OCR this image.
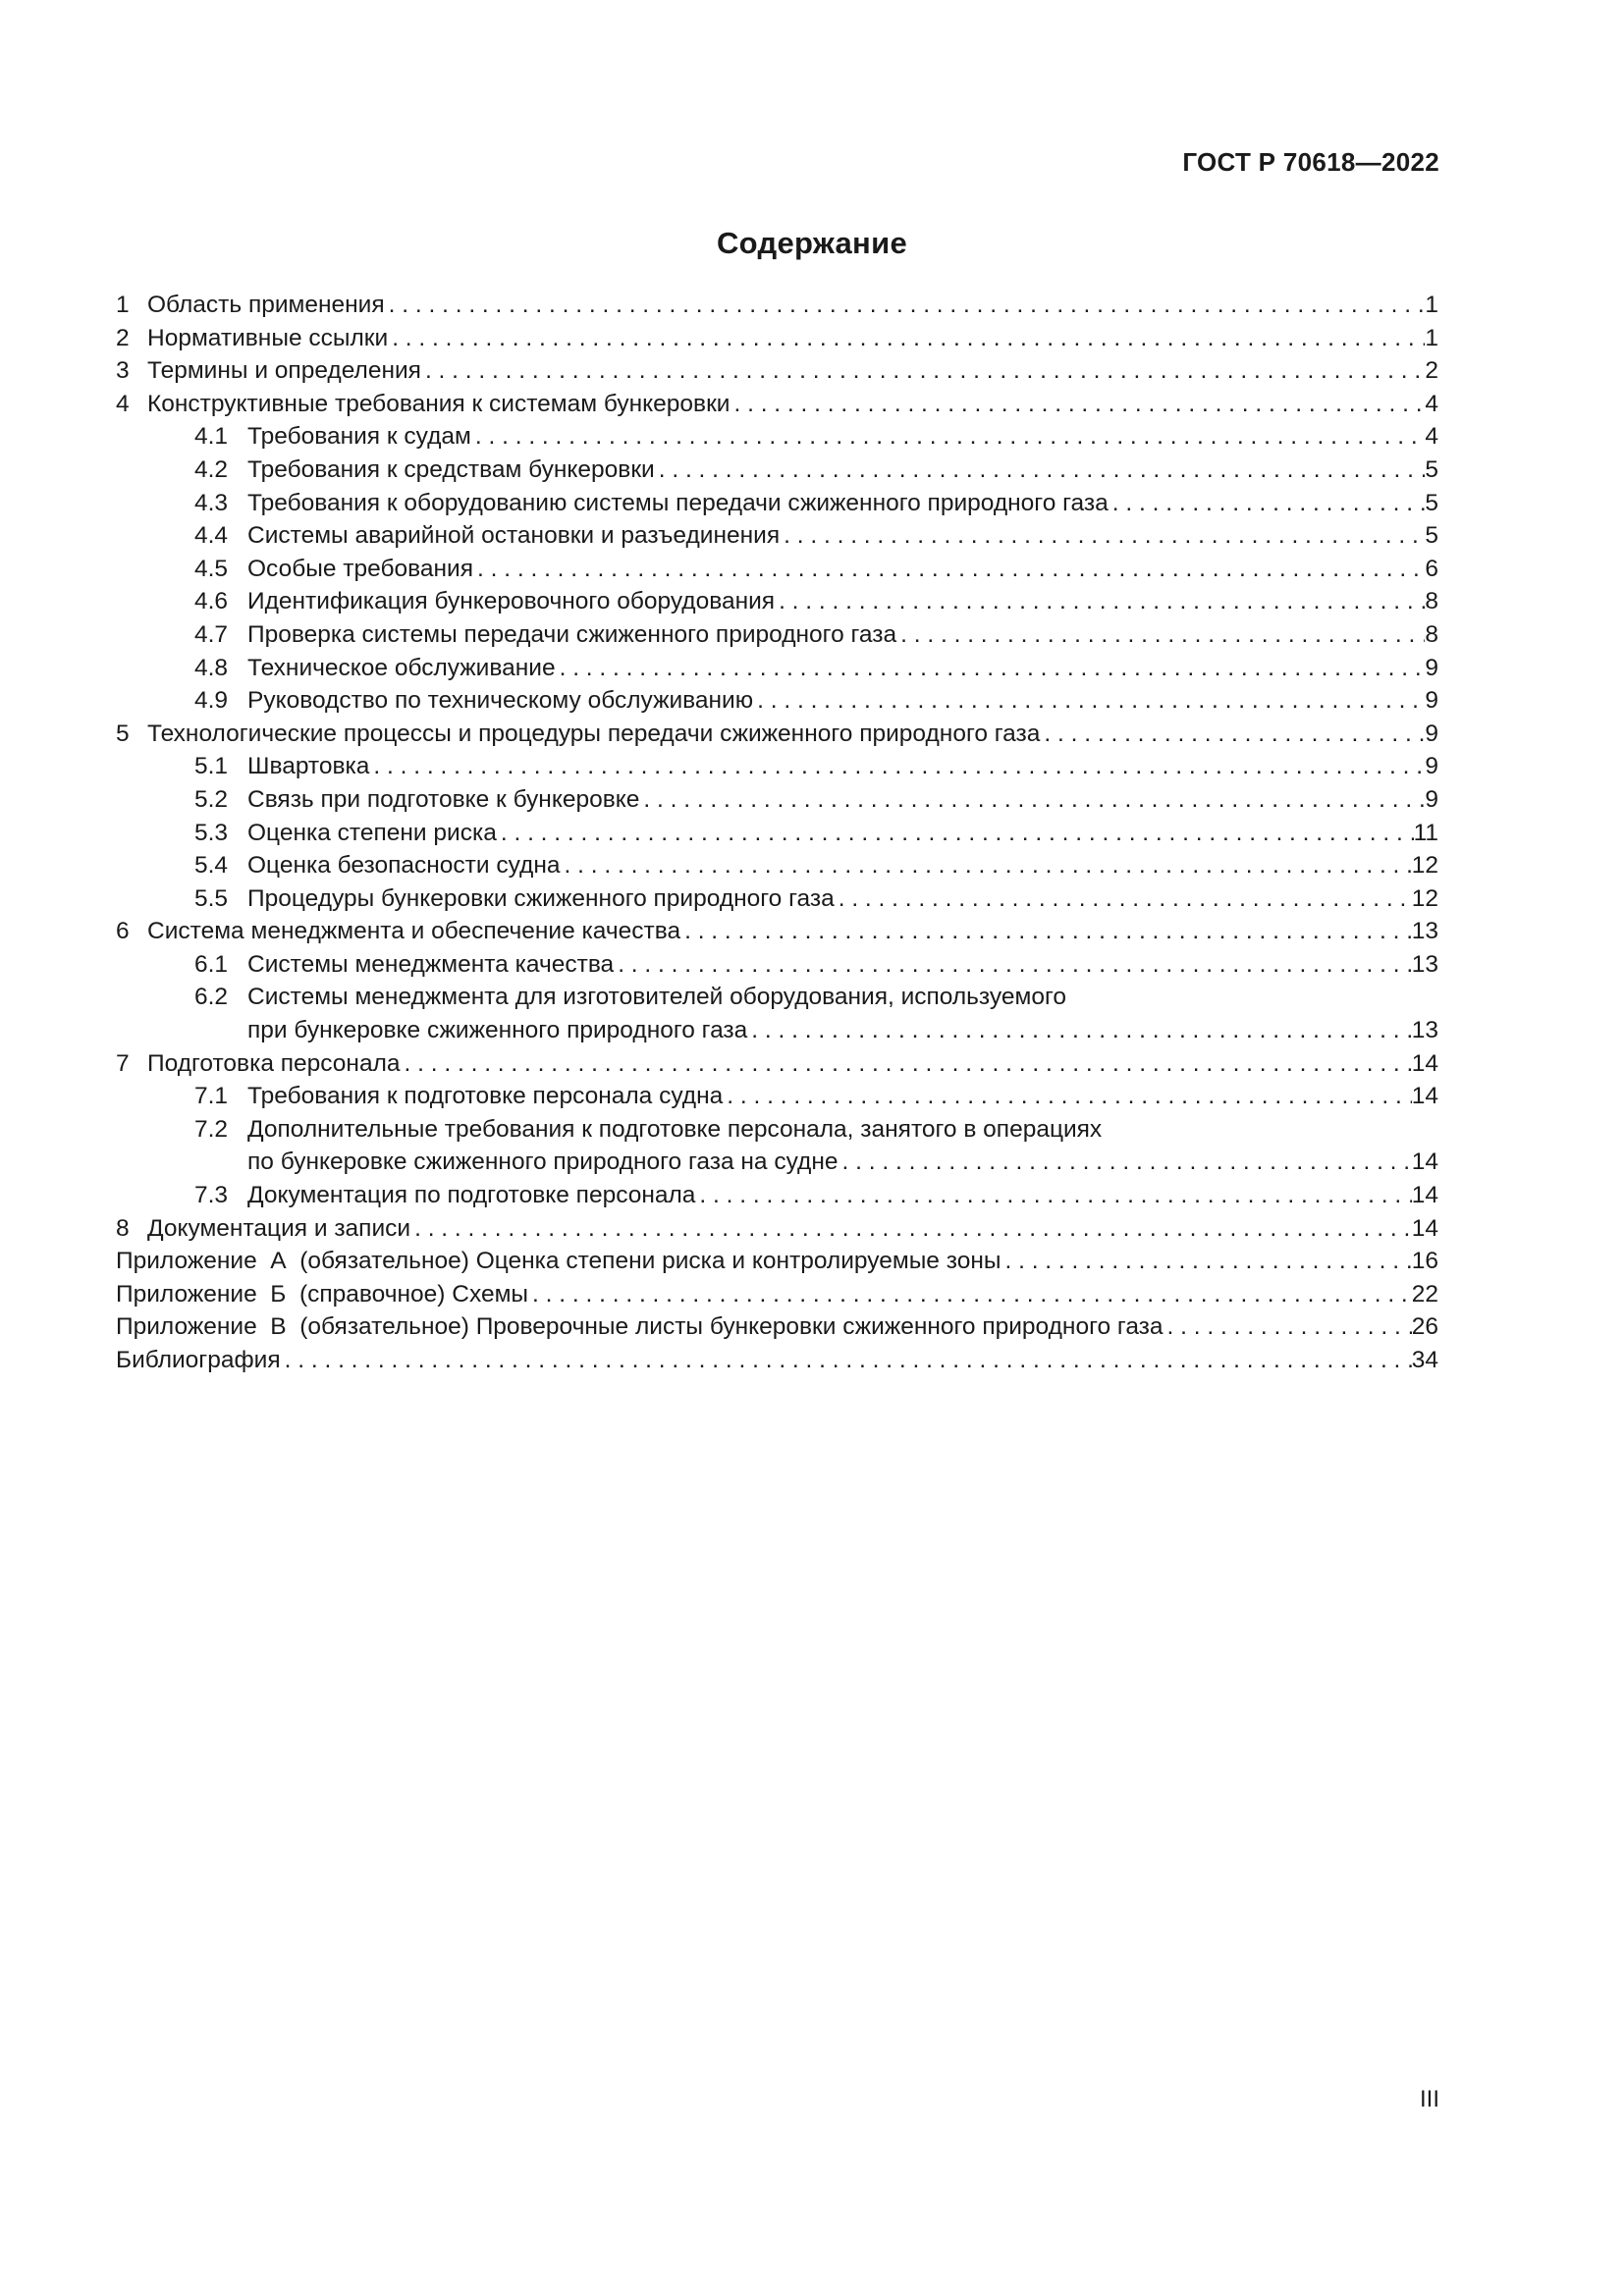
ГОСТ Р 70618—2022
Содержание
1 Область применения . . .	1
2 Нормативные ссылки . . .	1
3 Термины и определения . . .	2
4 Конструктивные требования к системам бункеровки . . .	4
4.1 Требования к судам . . .	4
4.2 Требования к средствам бункеровки . . .	5
4.3 Требования к оборудованию системы передачи сжиженного природного газа . . .	5
4.4 Системы аварийной остановки и разъединения . . .	5
4.5 Особые требования . . .	6
4.6 Идентификация бункеровочного оборудования . . .	8
4.7 Проверка системы передачи сжиженного природного газа . . .	8
4.8 Техническое обслуживание . . .	9
4.9 Руководство по техническому обслуживанию . . .	9
5 Технологические процессы и процедуры передачи сжиженного природного газа . . .	9
5.1 Швартовка . . .	9
5.2 Связь при подготовке к бункеровке . . .	9
5.3 Оценка степени риска . . .	11
5.4 Оценка безопасности судна . . .	12
5.5 Процедуры бункеровки сжиженного природного газа . . .	12
6 Система менеджмента и обеспечение качества . . .	13
6.1 Системы менеджмента качества . . .	13
6.2 Системы менеджмента для изготовителей оборудования, используемого
при бункеровке сжиженного природного газа . . .	13
7 Подготовка персонала . . .	14
7.1 Требования к подготовке персонала судна . . .	14
7.2 Дополнительные требования к подготовке персонала, занятого в операциях
по бункеровке сжиженного природного газа на судне . . .	14
7.3 Документация по подготовке персонала . . .	14
8 Документация и записи . . .	14
Приложение  А  (обязательное) Оценка степени риска и контролируемые зоны . . .	16
Приложение  Б  (справочное) Схемы . . .	22
Приложение  В  (обязательное) Проверочные листы бункеровки сжиженного природного газа . . .	26
Библиография . . .	34
III
